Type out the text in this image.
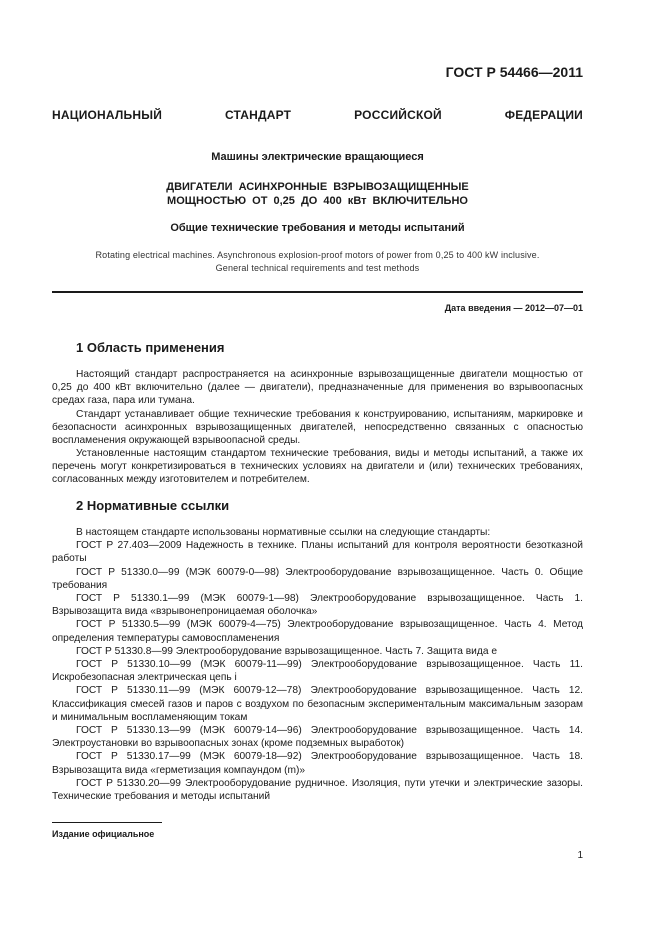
ГОСТ Р 54466—2011
НАЦИОНАЛЬНЫЙ СТАНДАРТ РОССИЙСКОЙ ФЕДЕРАЦИИ
Машины электрические вращающиеся
ДВИГАТЕЛИ АСИНХРОННЫЕ ВЗРЫВОЗАЩИЩЕННЫЕ
МОЩНОСТЬЮ ОТ 0,25 ДО 400 кВт ВКЛЮЧИТЕЛЬНО
Общие технические требования и методы испытаний
Rotating electrical machines. Asynchronous explosion-proof motors of power from 0,25 to 400 kW inclusive.
General technical requirements and test methods
Дата введения — 2012—07—01
1 Область применения

Настоящий стандарт распространяется на асинхронные взрывозащищенные двигатели мощностью от 0,25 до 400 кВт включительно (далее — двигатели), предназначенные для применения во взрывоопасных средах газа, пара или тумана.

Стандарт устанавливает общие технические требования к конструированию, испытаниям, маркировке и безопасности асинхронных взрывозащищенных двигателей, непосредственно связанных с опасностью воспламенения окружающей взрывоопасной среды.

Установленные настоящим стандартом технические требования, виды и методы испытаний, а также их перечень могут конкретизироваться в технических условиях на двигатели и (или) технических требованиях, согласованных между изготовителем и потребителем.

2 Нормативные ссылки

В настоящем стандарте использованы нормативные ссылки на следующие стандарты:

ГОСТ Р 27.403—2009 Надежность в технике. Планы испытаний для контроля вероятности безотказной работы

ГОСТ Р 51330.0—99 (МЭК 60079-0—98) Электрооборудование взрывозащищенное. Часть 0. Общие требования

ГОСТ Р 51330.1—99 (МЭК 60079-1—98) Электрооборудование взрывозащищенное. Часть 1. Взрывозащита вида «взрывонепроницаемая оболочка»

ГОСТ Р 51330.5—99 (МЭК 60079-4—75) Электрооборудование взрывозащищенное. Часть 4. Метод определения температуры самовоспламенения

ГОСТ Р 51330.8—99 Электрооборудование взрывозащищенное. Часть 7. Защита вида е

ГОСТ Р 51330.10—99 (МЭК 60079-11—99) Электрооборудование взрывозащищенное. Часть 11. Искробезопасная электрическая цепь i

ГОСТ Р 51330.11—99 (МЭК 60079-12—78) Электрооборудование взрывозащищенное. Часть 12. Классификация смесей газов и паров с воздухом по безопасным экспериментальным максимальным зазорам и минимальным воспламеняющим токам

ГОСТ Р 51330.13—99 (МЭК 60079-14—96) Электрооборудование взрывозащищенное. Часть 14. Электроустановки во взрывоопасных зонах (кроме подземных выработок)

ГОСТ Р 51330.17—99 (МЭК 60079-18—92) Электрооборудование взрывозащищенное. Часть 18. Взрывозащита вида «герметизация компаундом (m)»

ГОСТ Р 51330.20—99 Электрооборудование рудничное. Изоляция, пути утечки и электрические зазоры. Технические требования и методы испытаний

Издание официальное
1
